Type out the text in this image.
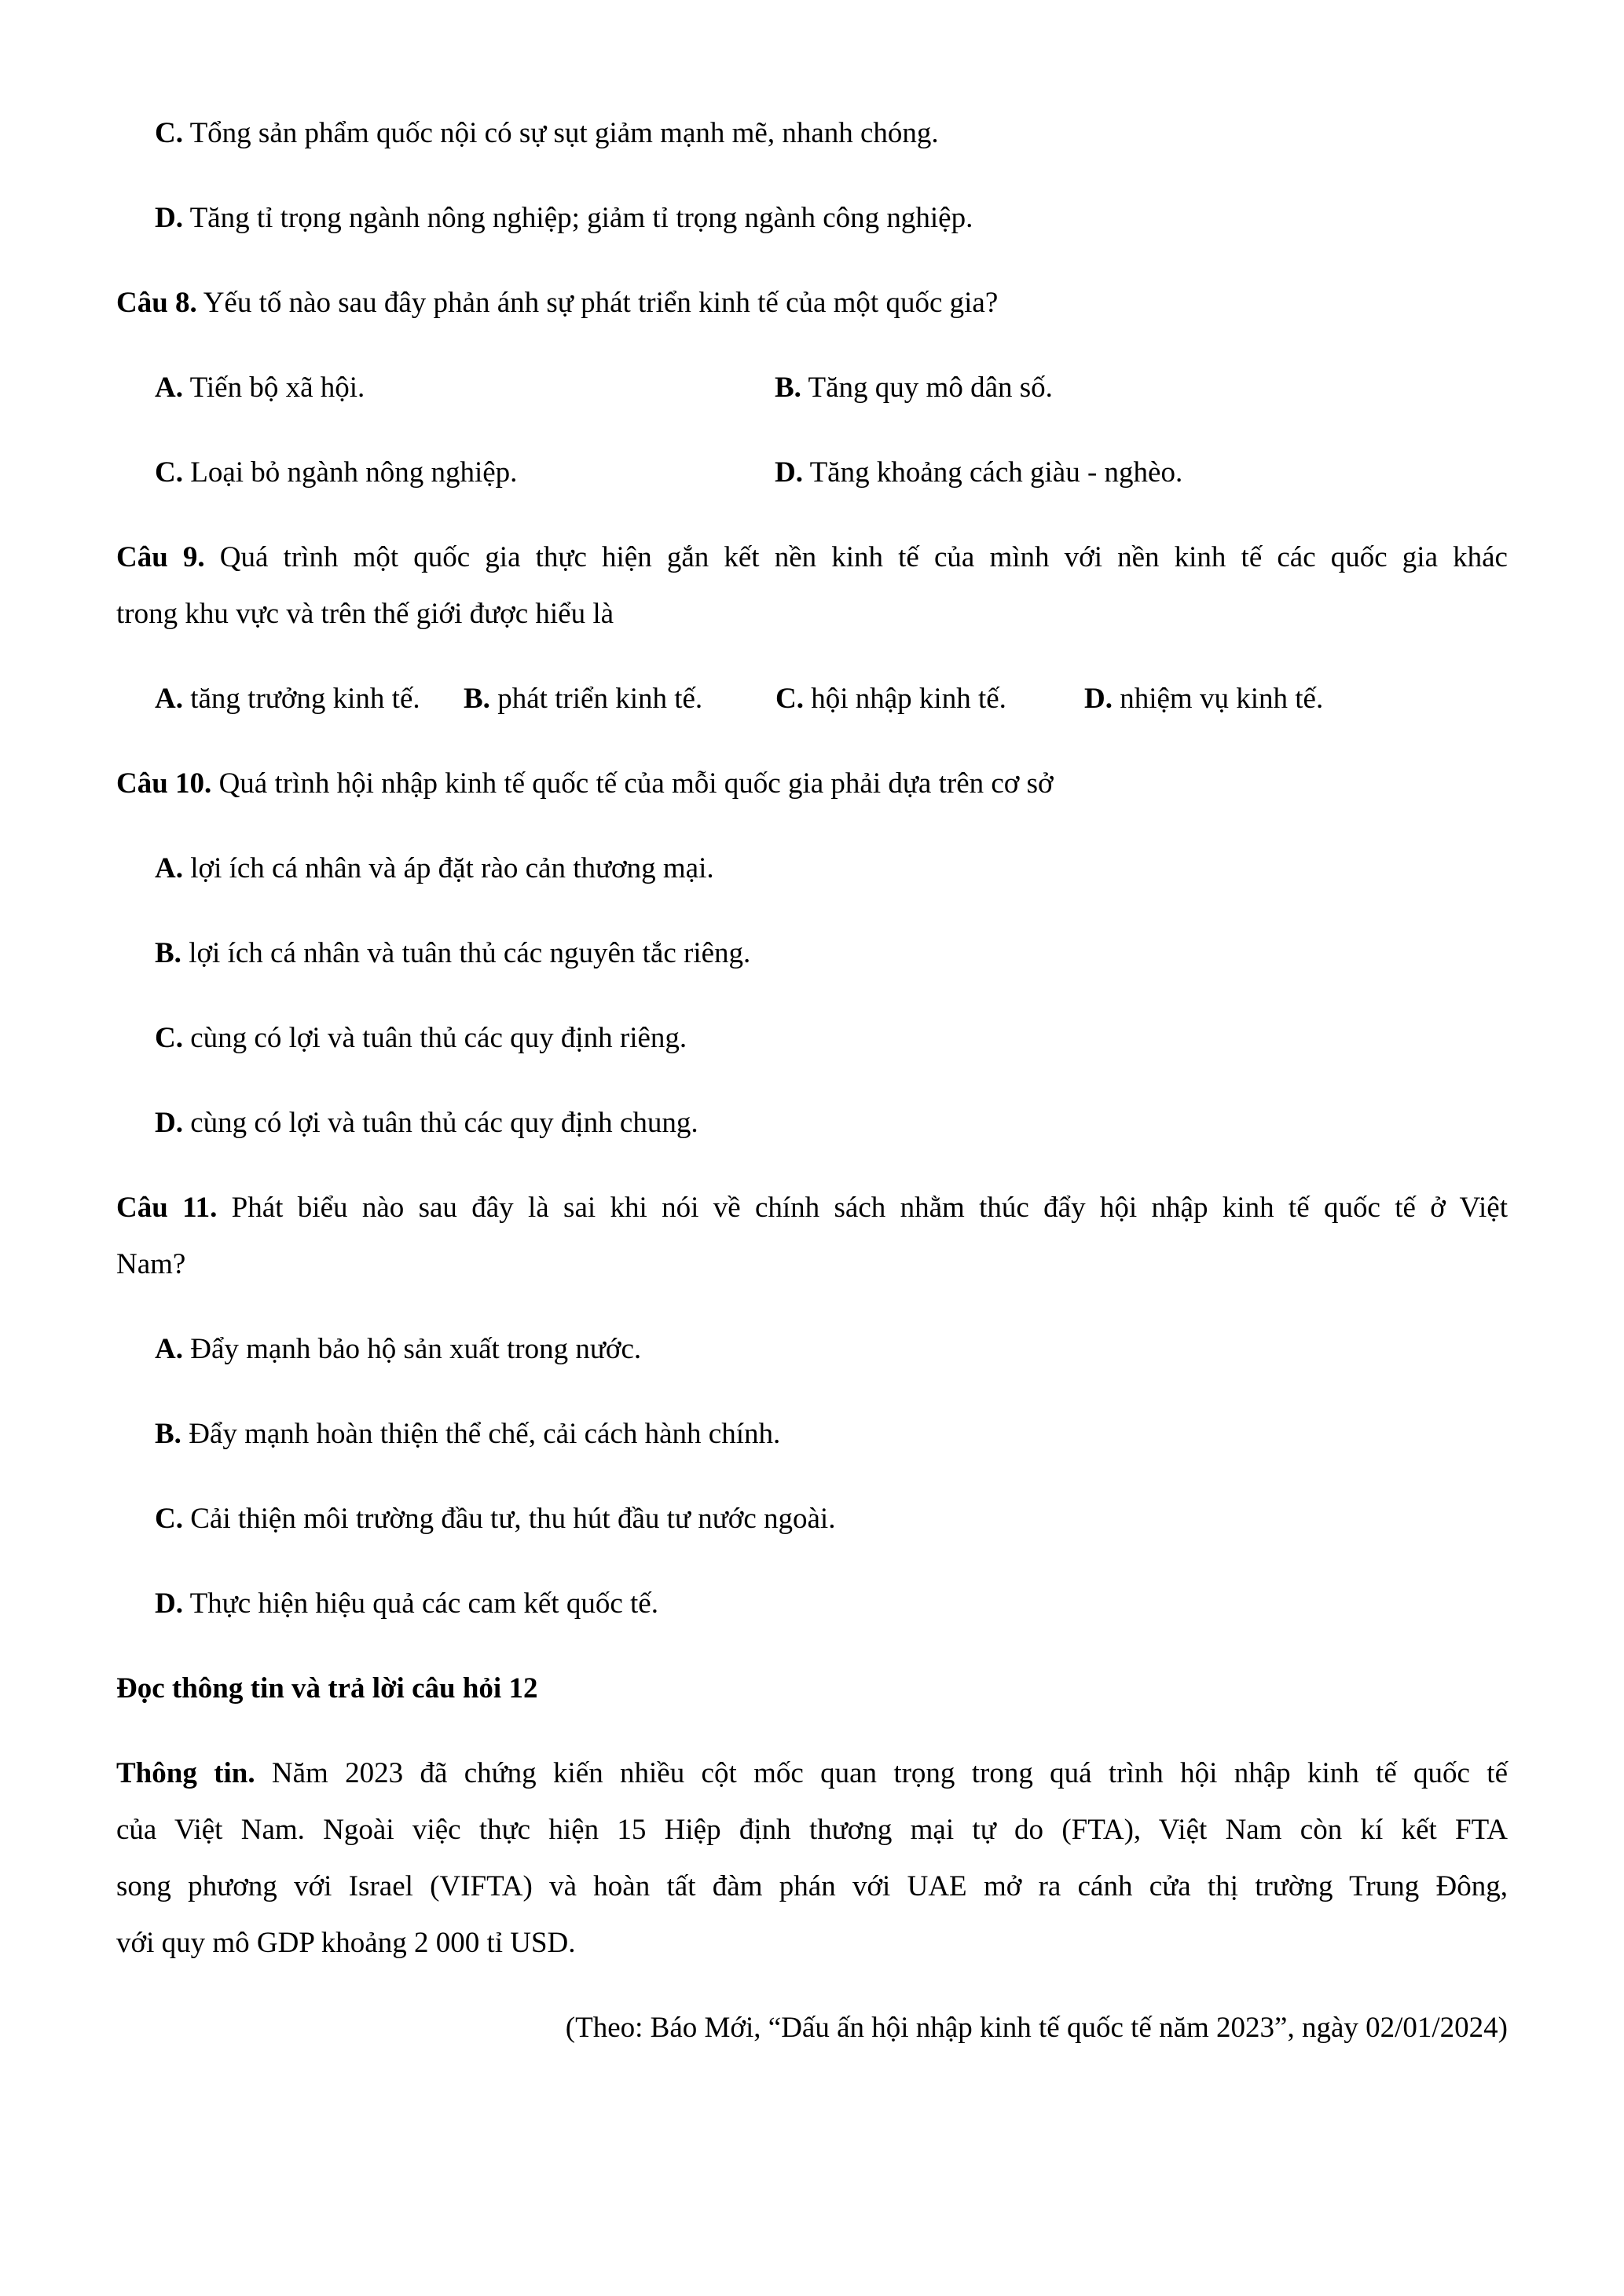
C. Tổng sản phẩm quốc nội có sự sụt giảm mạnh mẽ, nhanh chóng.
D. Tăng tỉ trọng ngành nông nghiệp; giảm tỉ trọng ngành công nghiệp.
Câu 8. Yếu tố nào sau đây phản ánh sự phát triển kinh tế của một quốc gia?
A. Tiến bộ xã hội.	B. Tăng quy mô dân số.
C. Loại bỏ ngành nông nghiệp.	D. Tăng khoảng cách giàu - nghèo.
Câu 9. Quá trình một quốc gia thực hiện gắn kết nền kinh tế của mình với nền kinh tế các quốc gia khác
trong khu vực và trên thế giới được hiểu là
A. tăng trưởng kinh tế. B. phát triển kinh tế.	C. hội nhập kinh tế.	D. nhiệm vụ kinh tế.
Câu 10. Quá trình hội nhập kinh tế quốc tế của mỗi quốc gia phải dựa trên cơ sở
A. lợi ích cá nhân và áp đặt rào cản thương mại.
B. lợi ích cá nhân và tuân thủ các nguyên tắc riêng.
C. cùng có lợi và tuân thủ các quy định riêng.
D. cùng có lợi và tuân thủ các quy định chung.
Câu 11. Phát biểu nào sau đây là sai khi nói về chính sách nhằm thúc đẩy hội nhập kinh tế quốc tế ở Việt
Nam?
A. Đẩy mạnh bảo hộ sản xuất trong nước.
B. Đẩy mạnh hoàn thiện thể chế, cải cách hành chính.
C. Cải thiện môi trường đầu tư, thu hút đầu tư nước ngoài.
D. Thực hiện hiệu quả các cam kết quốc tế.
Đọc thông tin và trả lời câu hỏi 12
Thông tin. Năm 2023 đã chứng kiến nhiều cột mốc quan trọng trong quá trình hội nhập kinh tế quốc tế
của Việt Nam. Ngoài việc thực hiện 15 Hiệp định thương mại tự do (FTA), Việt Nam còn kí kết FTA
song phương với Israel (VIFTA) và hoàn tất đàm phán với UAE mở ra cánh cửa thị trường Trung Đông,
với quy mô GDP khoảng 2 000 tỉ USD.
(Theo: Báo Mới, “Dấu ấn hội nhập kinh tế quốc tế năm 2023”, ngày 02/01/2024)
